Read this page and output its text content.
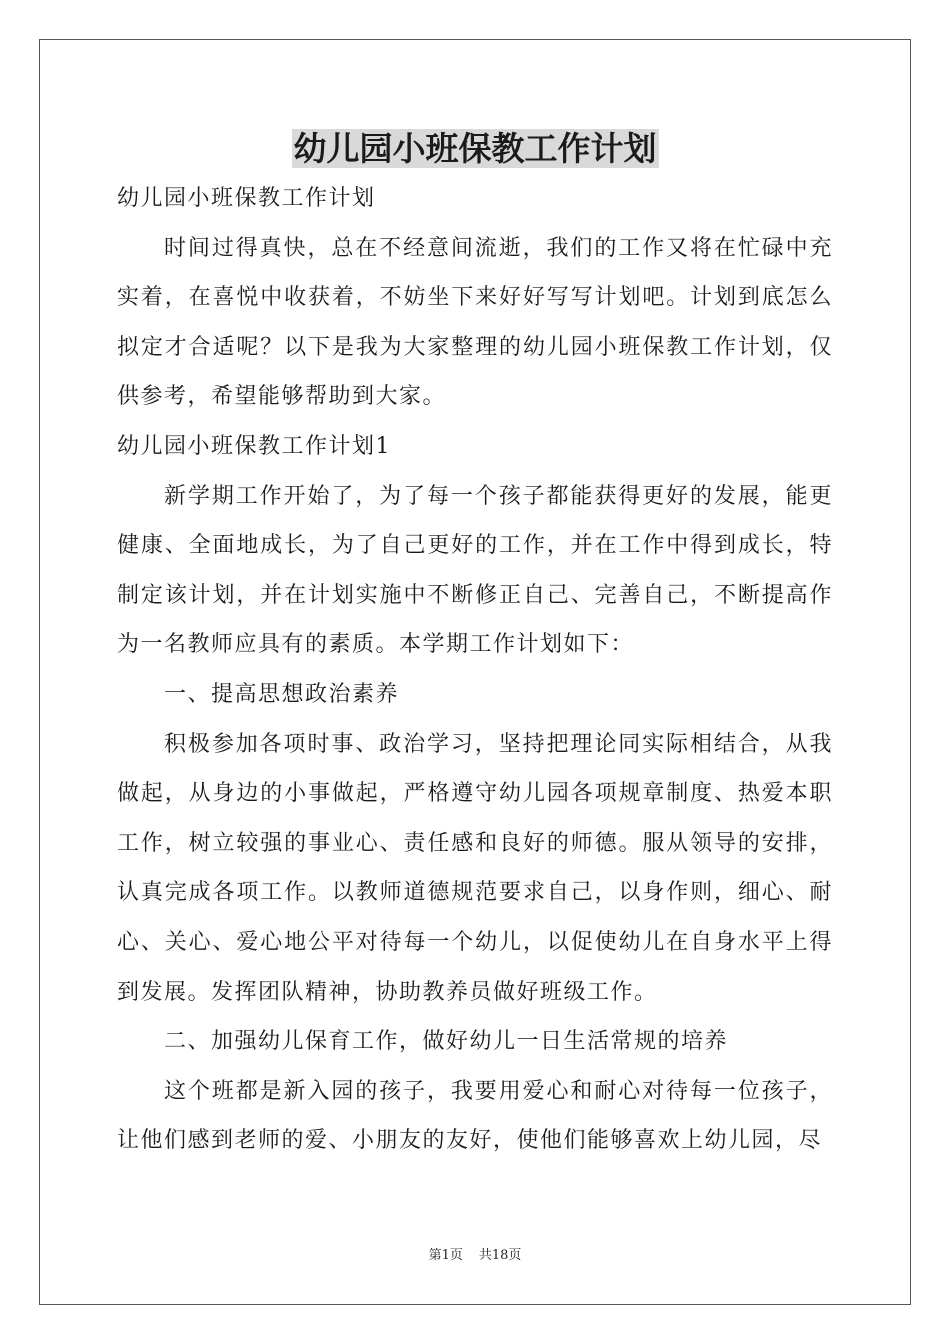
幼儿园小班保教工作计划

幼儿园小班保教工作计划

时间过得真快，总在不经意间流逝，我们的工作又将在忙碌中充实着，在喜悦中收获着，不妨坐下来好好写写计划吧。计划到底怎么拟定才合适呢？以下是我为大家整理的幼儿园小班保教工作计划，仅供参考，希望能够帮助到大家。

幼儿园小班保教工作计划1

新学期工作开始了，为了每一个孩子都能获得更好的发展，能更健康、全面地成长，为了自己更好的工作，并在工作中得到成长，特制定该计划，并在计划实施中不断修正自己、完善自己，不断提高作为一名教师应具有的素质。本学期工作计划如下：

一、提高思想政治素养

积极参加各项时事、政治学习，坚持把理论同实际相结合，从我做起，从身边的小事做起，严格遵守幼儿园各项规章制度、热爱本职工作，树立较强的事业心、责任感和良好的师德。服从领导的安排，认真完成各项工作。以教师道德规范要求自己，以身作则，细心、耐心、关心、爱心地公平对待每一个幼儿，以促使幼儿在自身水平上得到发展。发挥团队精神，协助教养员做好班级工作。

二、加强幼儿保育工作，做好幼儿一日生活常规的培养

这个班都是新入园的孩子，我要用爱心和耐心对待每一位孩子，让他们感到老师的爱、小朋友的友好，使他们能够喜欢上幼儿园，尽

第1页 共18页
